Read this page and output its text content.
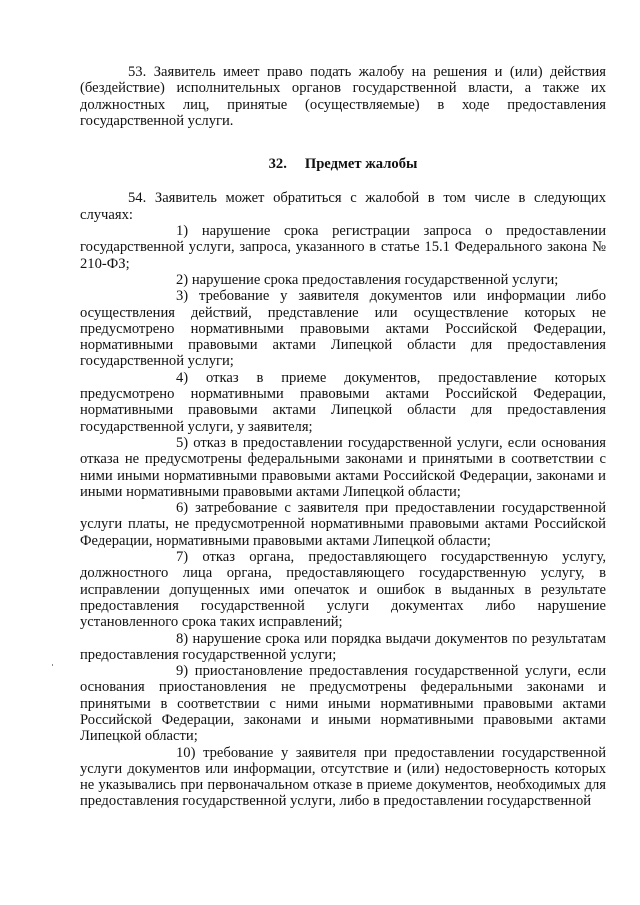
53. Заявитель имеет право подать жалобу на решения и (или) действия (бездействие) исполнительных органов государственной власти, а также их должностных лиц, принятые (осуществляемые) в ходе предоставления государственной услуги.

32. Предмет жалобы

54. Заявитель может обратиться с жалобой в том числе в следующих случаях:

1) нарушение срока регистрации запроса о предоставлении государственной услуги, запроса, указанного в статье 15.1 Федерального закона № 210-ФЗ;

2) нарушение срока предоставления государственной услуги;

3) требование у заявителя документов или информации либо осуществления действий, представление или осуществление которых не предусмотрено нормативными правовыми актами Российской Федерации, нормативными правовыми актами Липецкой области для предоставления государственной услуги;

4) отказ в приеме документов, предоставление которых предусмотрено нормативными правовыми актами Российской Федерации, нормативными правовыми актами Липецкой области для предоставления государственной услуги, у заявителя;

5) отказ в предоставлении государственной услуги, если основания отказа не предусмотрены федеральными законами и принятыми в соответствии с ними иными нормативными правовыми актами Российской Федерации, законами и иными нормативными правовыми актами Липецкой области;

6) затребование с заявителя при предоставлении государственной услуги платы, не предусмотренной нормативными правовыми актами Российской Федерации, нормативными правовыми актами Липецкой области;

7) отказ органа, предоставляющего государственную услугу, должностного лица органа, предоставляющего государственную услугу, в исправлении допущенных ими опечаток и ошибок в выданных в результате предоставления государственной услуги документах либо нарушение установленного срока таких исправлений;

8) нарушение срока или порядка выдачи документов по результатам предоставления государственной услуги;

9) приостановление предоставления государственной услуги, если основания приостановления не предусмотрены федеральными законами и принятыми в соответствии с ними иными нормативными правовыми актами Российской Федерации, законами и иными нормативными правовыми актами Липецкой области;

10) требование у заявителя при предоставлении государственной услуги документов или информации, отсутствие и (или) недостоверность которых не указывались при первоначальном отказе в приеме документов, необходимых для предоставления государственной услуги, либо в предоставлении государственной
